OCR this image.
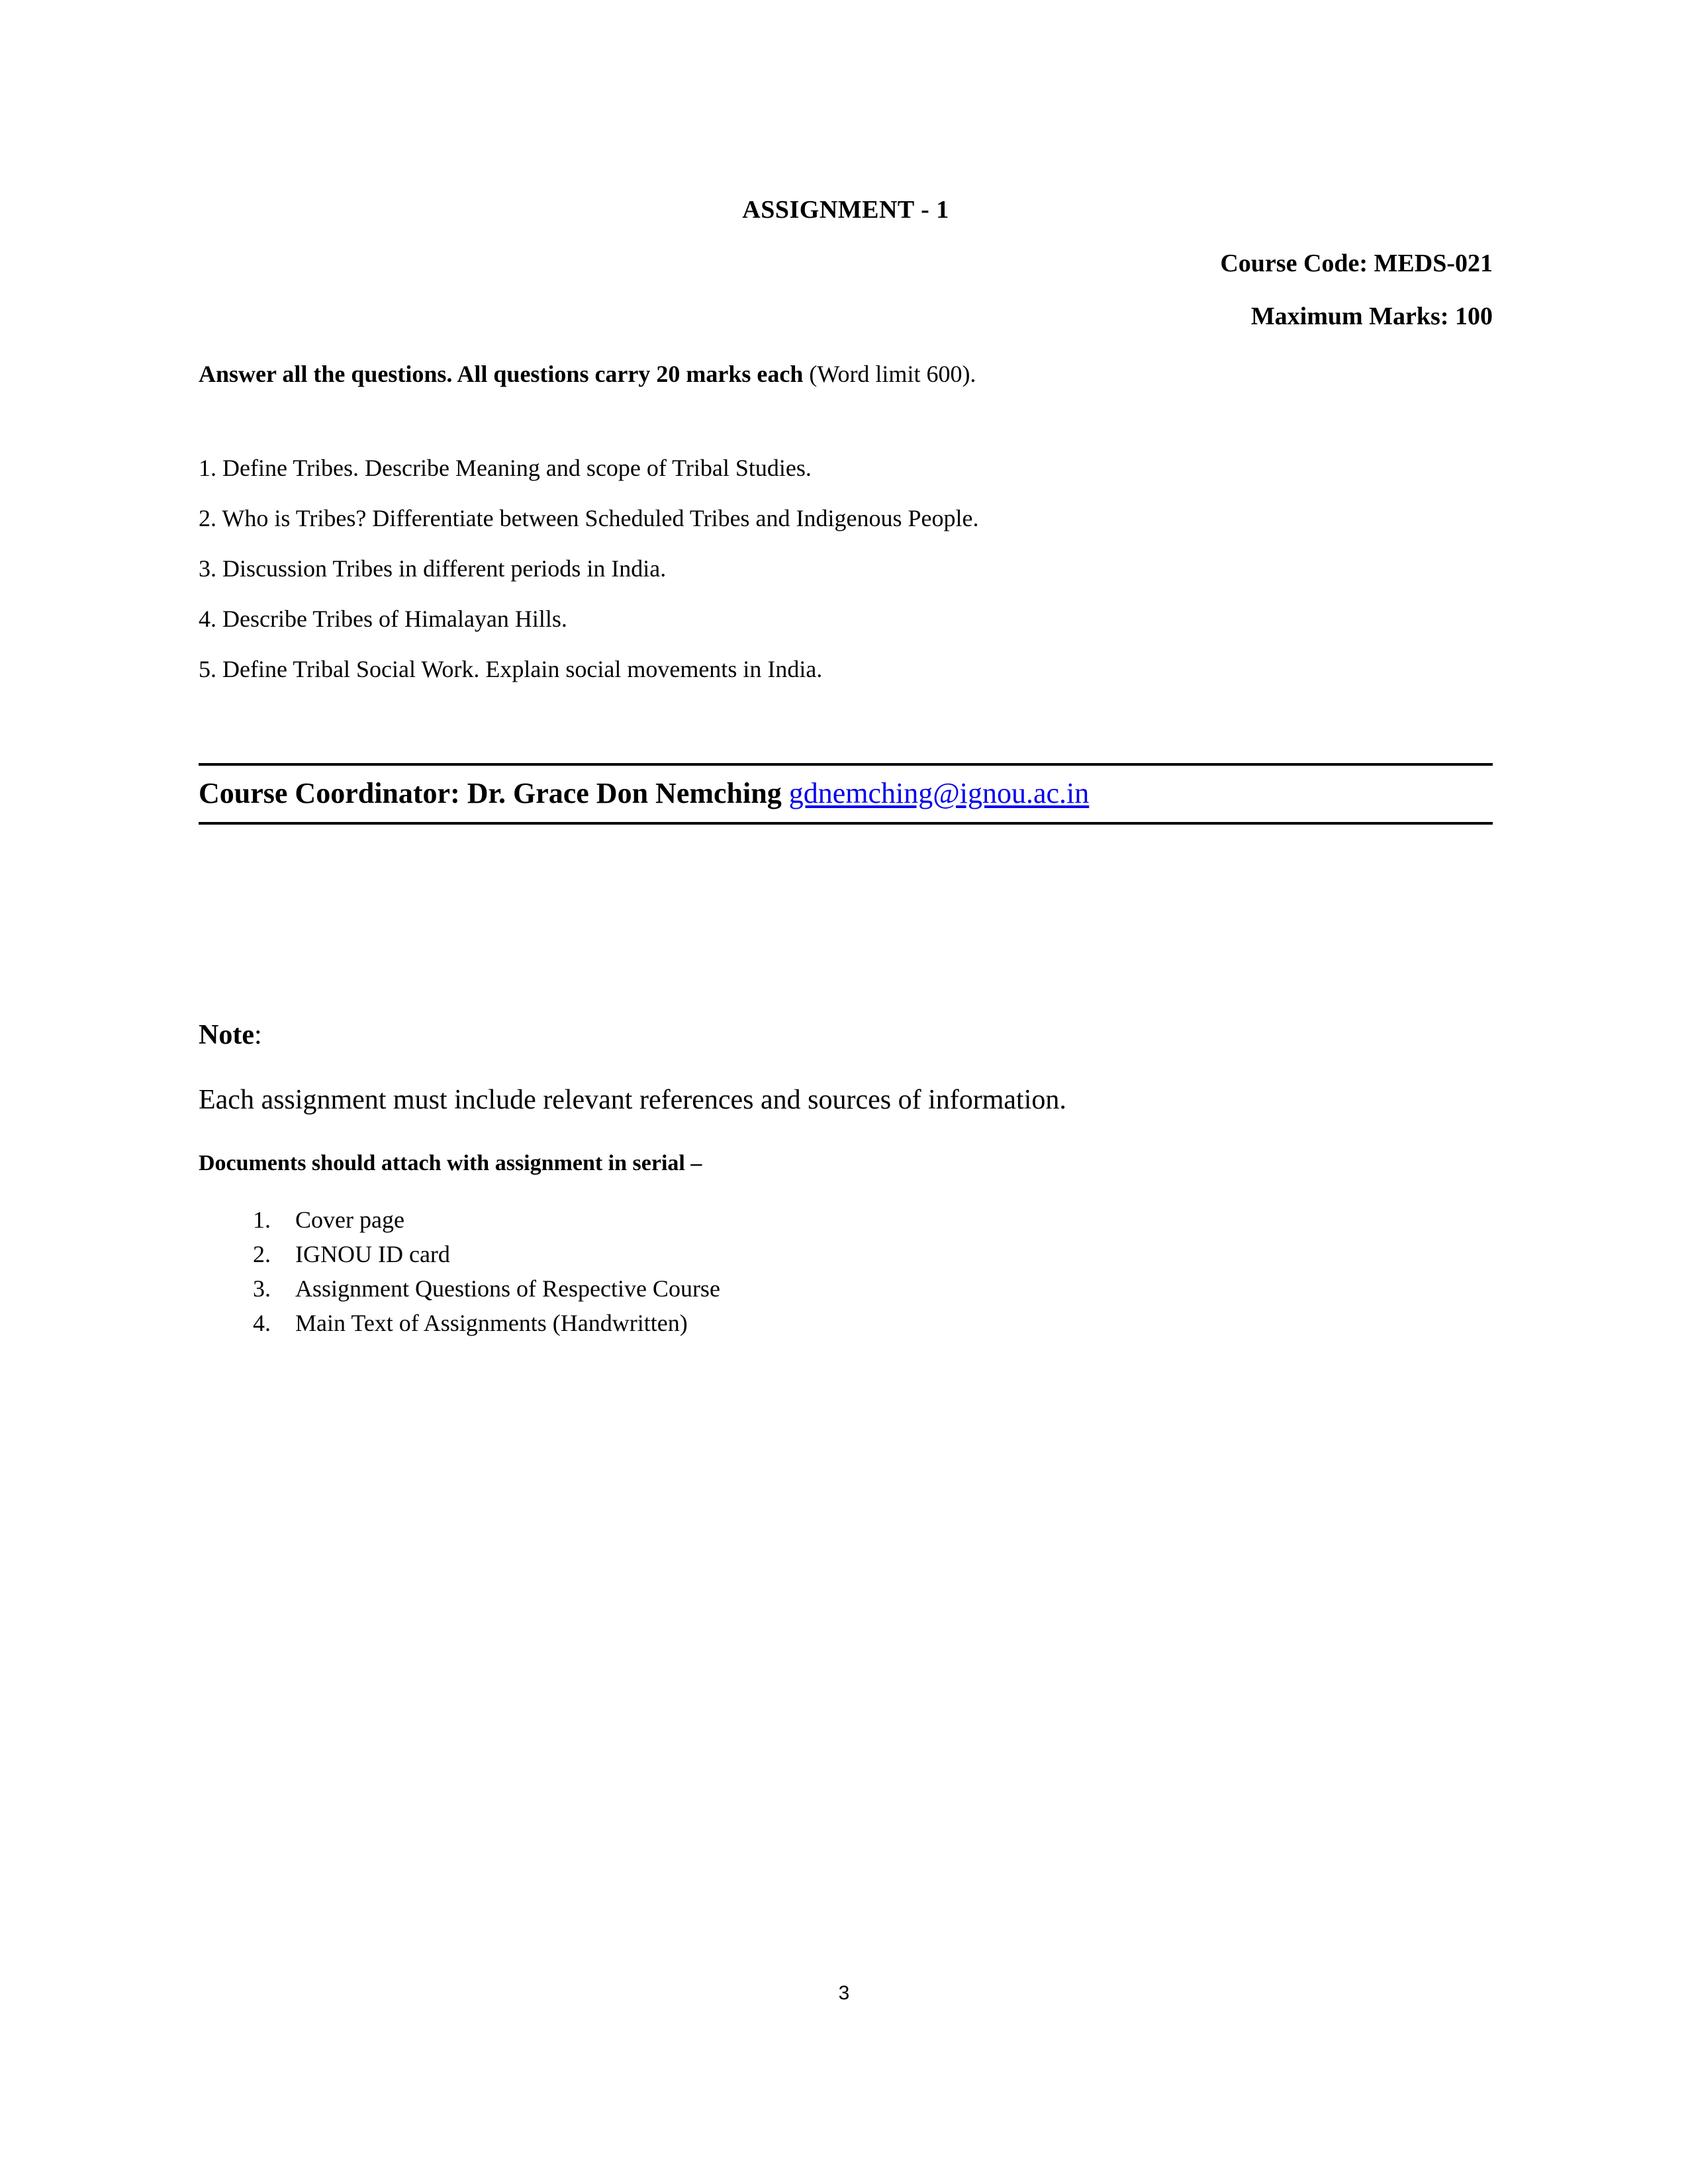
ASSIGNMENT - 1

Course Code: MEDS-021

Maximum Marks: 100

Answer all the questions. All questions carry 20 marks each (Word limit 600).

1. Define Tribes. Describe Meaning and scope of Tribal Studies.

2. Who is Tribes? Differentiate between Scheduled Tribes and Indigenous People.

3. Discussion Tribes in different periods in India.

4. Describe Tribes of Himalayan Hills.

5. Define Tribal Social Work. Explain social movements in India.

Course Coordinator: Dr. Grace Don Nemching gdnemching@ignou.ac.in

Note:

Each assignment must include relevant references and sources of information.

Documents should attach with assignment in serial –

1. Cover page
2. IGNOU ID card
3. Assignment Questions of Respective Course
4. Main Text of Assignments (Handwritten)
3
